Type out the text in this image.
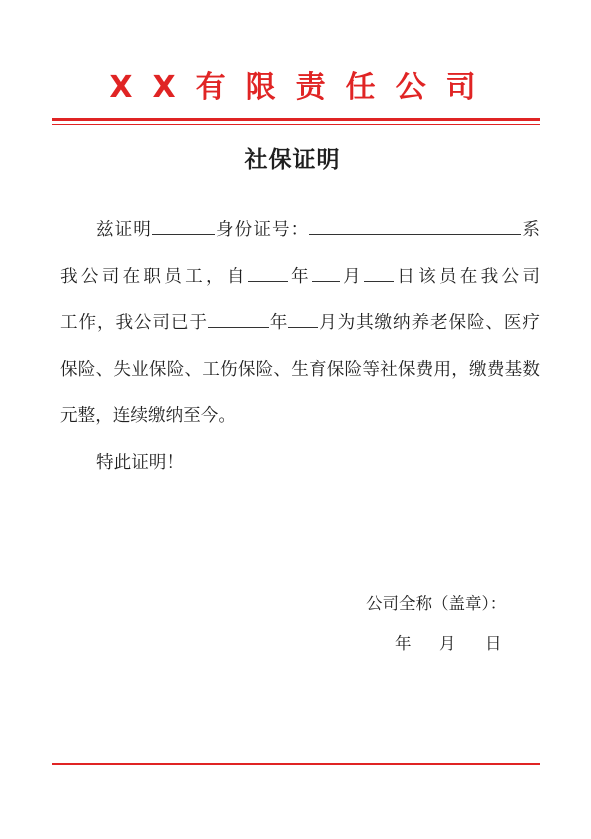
XX有限责任公司
社保证明
兹证明	身份证号：	系
我公司在职员工，自 年 月 日该员在我公司
工作，我公司已于	年 月为其缴纳养老保险、医疗
保险、失业保险、工伤保险、生育保险等社保费用，缴费基数
元整，连续缴纳至今。
特此证明！
公司全称（盖章）：
年 月 日
